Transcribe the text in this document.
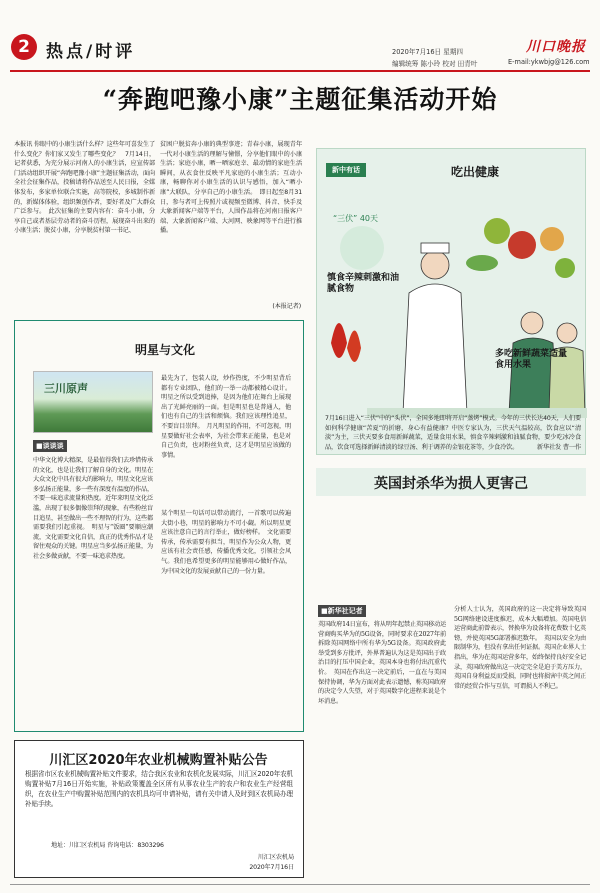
2 热点/时评	2020年7月16日 星期四
编辑统筹 陈小玲 校对 田青叶	E-mail:ykwbjg@126.com
川口晚报
“奔跑吧豫小康”主题征集活动开始
本报讯 你眼中的小康生活什么样？这些年可喜发生了什么变化？你们家又发生了哪些变化？　7月14日，记者获悉，为充分展示河南人的小康生活，应宣传部门活动组织开展“奔跑吧豫小康”主题征集活动，面向全社会征集作品，投稿请将作品送至人民日报，全媒体发布，多家单位联合实施，高等院校，多城制作新的，新媒体体验，组织频创作者，要好者及广大群众广泛参与。　此次征集的主要内容有：奋斗小康，分享自己或者基层劳动者的奋斗历程，展现奋斗出来的小康生活；脱贫小康，分享脱贫村第一书记、
贫困户脱贫奔小康的典型事迹；青春小康，展现青年一代对小康生活的理解与憧憬，分享他们眼中的小康生活；家庭小康，晒一晒家庭幸、最动情的家庭生活瞬间，从衣食住反映平凡家庭的小康生活；互动小康，畅聊你对小康生活的认识与感悟，加入“晒小康”大联队，分享自己的小康生活。　即日起至8月31日，参与者可上传照片或视频至微博、抖音、快手及大象新闻客户端等平台，人围作品将在河南日报客户端、大象新闻客户端、大河网、映象网等平台进行推播。
(本报记者)
新中有话	吃出健康
“三伏” 40天
慎食辛辣刺激和油腻食物
多吃新鲜蔬菜适量食用水果
7月16日进入“三伏”中的“头伏”，全国多地即将开启“蒸烤”模式。今年的三伏长达40天，人们要如何科学健康“苦夏”的折磨，身心有益健康？中医专家认为，三伏天气温较高，饮食应以“清淡”为主，三伏天要多食用新鲜蔬菜，适量食用水果，慎食辛辣刺激和油腻食物，要少吃冰冷食品，饮食可选择新鲜清淡的绿豆汤、利于调养的金银花茶等，少食冷饮。	新华社发 曹一作
明星与文化
三川原声
■谈谈谈
中华文化博大精深，是最值得我们去珍惜传承的文化，也是让我们了解自身的文化。明星在大众文化中具有很大的影响力，明星文化应该多弘扬正能量，多一些有深度有温度的作品，不要一味追求流量和热度。近年来明星文化泛滥，出现了很多偶像崇拜的现象，有些粉丝盲目追星，甚至做出一些不理智的行为，这些都需要我们引起重视。　明星与“饭圈”要顺应潮流，文化需要文化自信，真正的优秀作品才是留住观众的关键。明星应当多弘扬正能量，为社会多做贡献，不要一味追求热度。
最先为了，包装人设，炒作热度，不少明星背后都有专业团队，他们的一举一动都被精心设计。明星之所以受到追捧，是因为他们在舞台上展现出了光鲜亮丽的一面。但是明星也是普通人，他们也有自己的生活和烦恼。我们应该理性追星，不要盲目崇拜。　月凡明星的作用，不可忽视，明星要做好社会表率，为社会带来正能量，也是对自己负责，也对粉丝负责，这才是明星应该做的事情。
某个明星一句话可以带动流行，一首歌可以传遍大街小巷，明星的影响力不可小觑。所以明星更应该注意自己的言行举止，做好榜样。　文化需要传承，传承需要有担当，明星作为公众人物，更应该有社会责任感，传播优秀文化，引领社会风气。我们也希望更多的明星能够用心做好作品，为中国文化的发展贡献自己的一份力量。
川汇区2020年农业机械购置补贴公告
根据省市区农业机械购置补贴文件要求，结合我区农业和农机化发展实际，川汇区2020年农机购置补贴7月16日开始实施，补贴政策覆盖全区所有从事农业生产的农户和农业生产经营组织，在农业生产中购置补贴范围内的农机具均可申请补贴，请有关申请人及时到区农机局办理补贴手续。
地址：川汇区农机局 咨询电话：8303296
川汇区农机局
2020年7月16日
英国封杀华为损人更害己
■新华社记者
英国政府14日宣布，将从明年起禁止英国移动运营商购买华为的5G设备，同时要求在2027年前拆除英国网络中所有华为5G设备。英国政府此举受到多方批评，外界普遍认为这是英国出于政治目的打压中国企业，英国本身也将付出沉重代价。　英国在作出这一决定前后，一直在与美国保持协调，华为方面对此表示遗憾，称英国政府的决定令人失望，对于英国数字化进程来说是个坏消息。
分析人士认为，英国政府的这一决定将导致英国5G网络建设进度推迟，成本大幅增加。英国电信运营商此前曾表示，替换华为设备将花费数十亿英镑，并使英国5G部署推迟数年。　英国以安全为由限制华为，但没有拿出任何证据。英国企业界人士指出，华为在英国运营多年，始终保持良好安全记录，英国政府做出这一决定完全是迫于美方压力，英国自身利益反而受损，同时也将损害中英之间正常的经贸合作与互信，可谓损人不利己。
